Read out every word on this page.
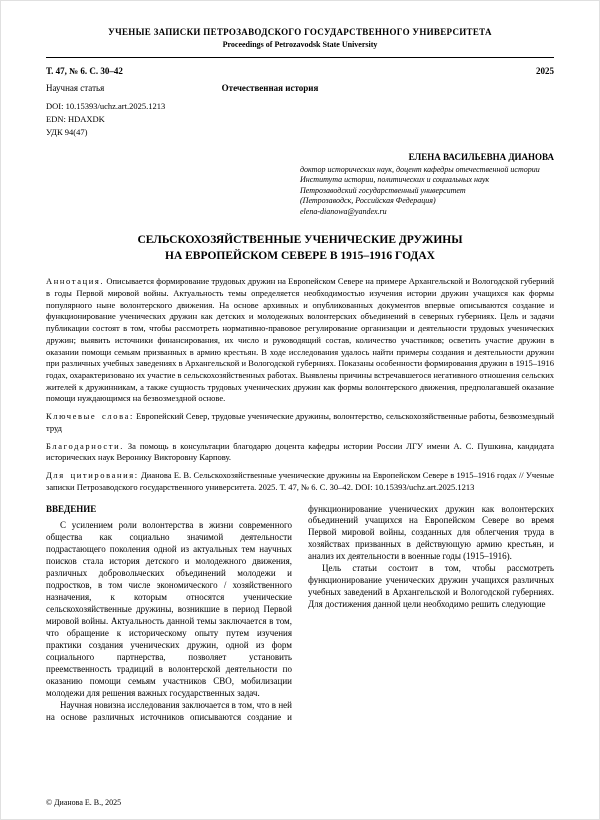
УЧЕНЫЕ ЗАПИСКИ ПЕТРОЗАВОДСКОГО ГОСУДАРСТВЕННОГО УНИВЕРСИТЕТА
Proceedings of Petrozavodsk State University
Т. 47, № 6. С. 30–42	2025
Научная статья	Отечественная история
DOI: 10.15393/uchz.art.2025.1213
EDN: HDAXDK
УДК 94(47)
ЕЛЕНА ВАСИЛЬЕВНА ДИАНОВА
доктор исторических наук, доцент кафедры отечественной истории Института истории, политических и социальных наук
Петрозаводский государственный университет
(Петрозаводск, Российская Федерация)
elena-dianowa@yandex.ru
СЕЛЬСКОХОЗЯЙСТВЕННЫЕ УЧЕНИЧЕСКИЕ ДРУЖИНЫ
НА ЕВРОПЕЙСКОМ СЕВЕРЕ В 1915–1916 ГОДАХ

Аннотация. Описывается формирование трудовых дружин на Европейском Севере на примере Архангельской и Вологодской губерний в годы Первой мировой войны. Актуальность темы определяется необходимостью изучения истории дружин учащихся как формы популярного ныне волонтерского движения. На основе архивных и опубликованных документов впервые описываются создание и функционирование ученических дружин как детских и молодежных волонтерских объединений в северных губерниях. Цель и задачи публикации состоят в том, чтобы рассмотреть нормативно-правовое регулирование организации и деятельности трудовых ученических дружин; выявить источники финансирования, их число и руководящий состав, количество участников; осветить участие дружин в оказании помощи семьям призванных в армию крестьян. В ходе исследования удалось найти примеры создания и деятельности дружин при различных учебных заведениях в Архангельской и Вологодской губерниях. Показаны особенности формирования дружин в 1915–1916 годах, охарактеризовано их участие в сельскохозяйственных работах. Выявлены причины встречавшегося негативного отношения сельских жителей к дружинникам, а также сущность трудовых ученических дружин как формы волонтерского движения, предполагавшей оказание помощи нуждающимся на безвозмездной основе.

Ключевые слова: Европейский Север, трудовые ученические дружины, волонтерство, сельскохозяйственные работы, безвозмездный труд

Благодарности. За помощь в консультации благодарю доцента кафедры истории России ЛГУ имени А. С. Пушкина, кандидата исторических наук Веронику Викторовну Карпову.

Для цитирования: Дианова Е. В. Сельскохозяйственные ученические дружины на Европейском Севере в 1915–1916 годах // Ученые записки Петрозаводского государственного университета. 2025. Т. 47, № 6. С. 30–42. DOI: 10.15393/uchz.art.2025.1213

ВВЕДЕНИЕ

С усилением роли волонтерства в жизни современного общества как социально значимой деятельности подрастающего поколения одной из актуальных тем научных поисков стала история детского и молодежного движения, различных добровольческих объединений молодежи и подростков, в том числе экономического / хозяйственного назначения, к которым относятся ученические сельскохозяйственные дружины, возникшие в период Первой мировой войны. Актуальность данной темы заключается в том, что обращение к историческому опыту путем изучения практики создания ученических дружин, одной из форм социального партнерства, позволяет установить преемственность традиций в волонтерской деятельности по оказанию помощи семьям участников СВО, мобилизации молодежи для решения важных государственных задач.

Научная новизна исследования заключается в том, что в ней на основе различных источников описываются создание и функционирование ученических дружин как волонтерских объединений учащихся на Европейском Севере во время Первой мировой войны, созданных для облегчения труда в хозяйствах призванных в действующую армию крестьян, и анализ их деятельности в военные годы (1915–1916).

Цель статьи состоит в том, чтобы рассмотреть функционирование ученических дружин учащихся различных учебных заведений в Архангельской и Вологодской губерниях. Для достижения данной цели необходимо решить следующие

© Дианова Е. В., 2025
